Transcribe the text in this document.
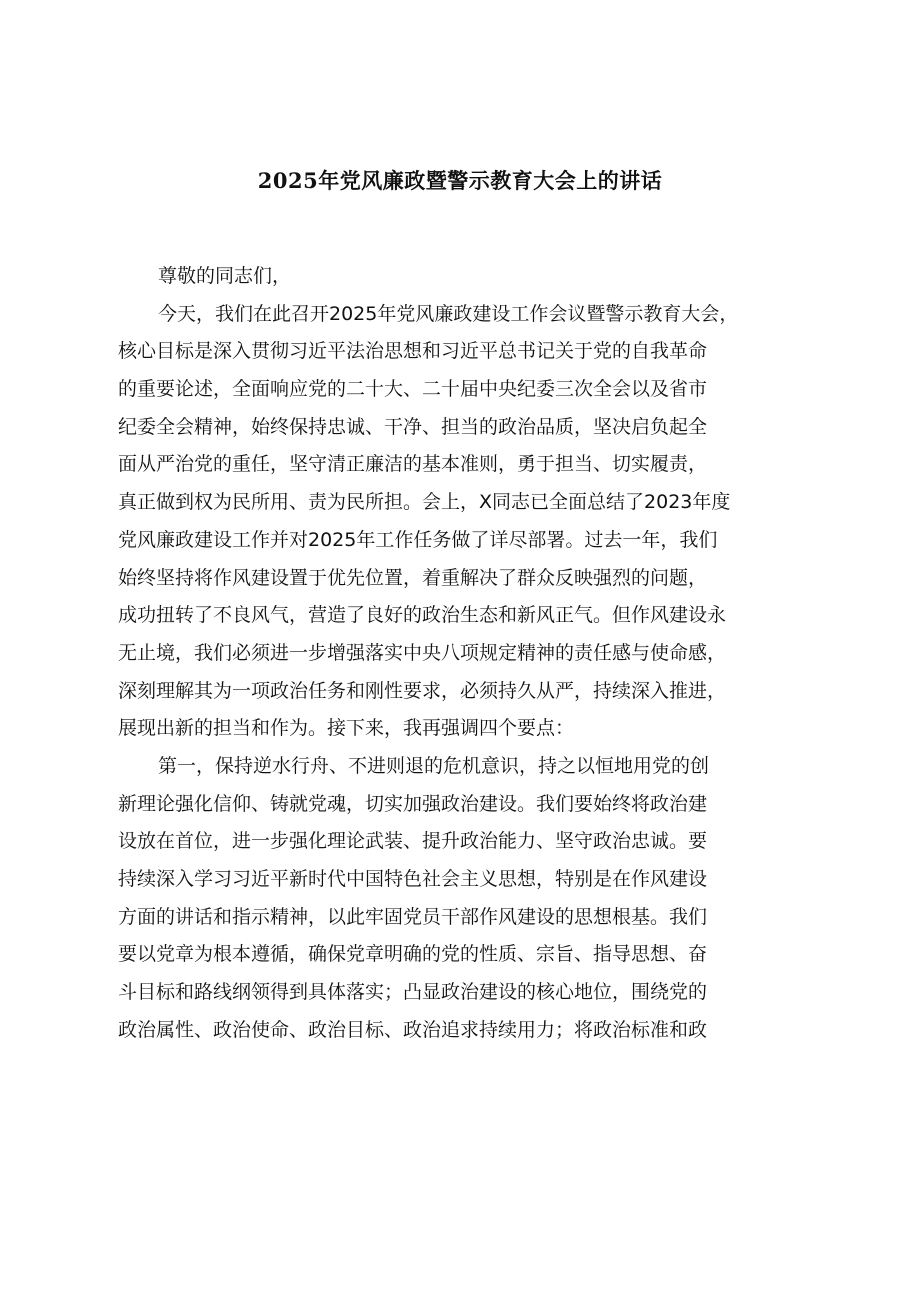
2025年党风廉政暨警示教育大会上的讲话
尊敬的同志们，
今天，我们在此召开2025年党风廉政建设工作会议暨警示教育大会，
核心目标是深入贯彻习近平法治思想和习近平总书记关于党的自我革命
的重要论述，全面响应党的二十大、二十届中央纪委三次全会以及省市
纪委全会精神，始终保持忠诚、干净、担当的政治品质，坚决启负起全
面从严治党的重任，坚守清正廉洁的基本准则，勇于担当、切实履责，
真正做到权为民所用、责为民所担。会上，X同志已全面总结了2023年度
党风廉政建设工作并对2025年工作任务做了详尽部署。过去一年，我们
始终坚持将作风建设置于优先位置，着重解决了群众反映强烈的问题，
成功扭转了不良风气，营造了良好的政治生态和新风正气。但作风建设永
无止境，我们必须进一步增强落实中央八项规定精神的责任感与使命感，
深刻理解其为一项政治任务和刚性要求，必须持久从严，持续深入推进，
展现出新的担当和作为。接下来，我再强调四个要点：
第一，保持逆水行舟、不进则退的危机意识，持之以恒地用党的创
新理论强化信仰、铸就党魂，切实加强政治建设。我们要始终将政治建
设放在首位，进一步强化理论武装、提升政治能力、坚守政治忠诚。要
持续深入学习习近平新时代中国特色社会主义思想，特别是在作风建设
方面的讲话和指示精神，以此牢固党员干部作风建设的思想根基。我们
要以党章为根本遵循，确保党章明确的党的性质、宗旨、指导思想、奋
斗目标和路线纲领得到具体落实；凸显政治建设的核心地位，围绕党的
政治属性、政治使命、政治目标、政治追求持续用力；将政治标准和政
